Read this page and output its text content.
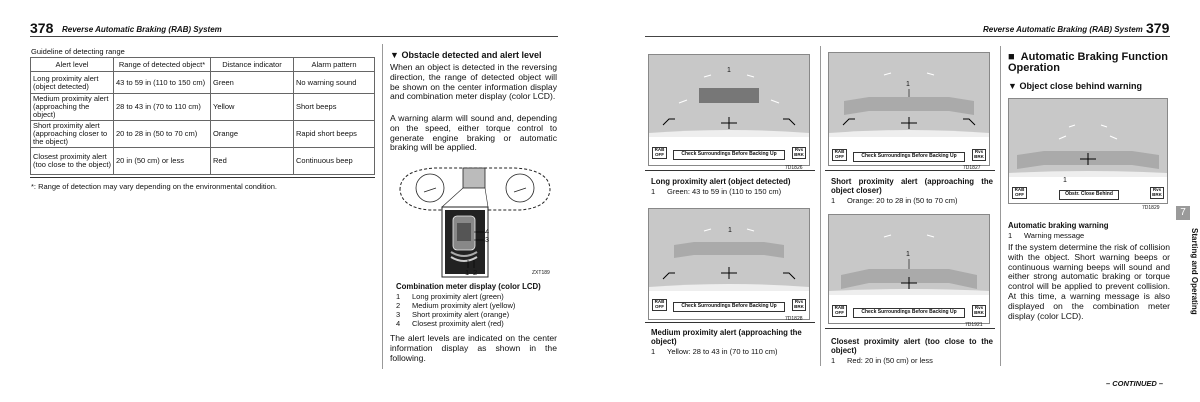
378 Reverse Automatic Braking (RAB) System
Guideline of detecting range
Alert level	Range of detected object*	Distance indicator	Alarm pattern
Long proximity alert (object detected)	43 to 59 in (110 to 150 cm)	Green	No warning sound
Medium proximity alert (approaching the object)	28 to 43 in (70 to 110 cm)	Yellow	Short beeps
Short proximity alert (approaching closer to the object)	20 to 28 in (50 to 70 cm)	Orange	Rapid short beeps
Closest proximity alert (too close to the object)	20 in (50 cm) or less	Red	Continuous beep
*: Range of detection may vary depending on the environmental condition.
▼ Obstacle detected and alert level
When an object is detected in the reversing direction, the range of detected object will be shown on the center information display and combination meter display (color LCD).
A warning alarm will sound and, depending on the speed, either torque control to generate engine braking or automatic braking will be applied.
4
3
1 2	ZXT189
Combination meter display (color LCD)
1 Long proximity alert (green)
2 Medium proximity alert (yellow)
3 Short proximity alert (orange)
4 Closest proximity alert (red)
The alert levels are indicated on the center information display as shown in the following.
Reverse Automatic Braking (RAB) System 379
1
RAB OFF	Check Surroundings Before Backing Up
Rvs BRK
7D1826
Long proximity alert (object detected)
1 Green: 43 to 59 in (110 to 150 cm)
1
RAB OFF	Check Surroundings Before Backing Up
Rvs BRK
7D1827
Short proximity alert (approaching the object closer)
1 Orange: 20 to 28 in (50 to 70 cm)
1
RAB OFF	Check Surroundings Before Backing Up
Rvs BRK
7D1828
Medium proximity alert (approaching the object)
1 Yellow: 28 to 43 in (70 to 110 cm)
1
RAB OFF	Check Surroundings Before Backing Up
Rvs BRK
7D1921
Closest proximity alert (too close to the object)
1 Red: 20 in (50 cm) or less
■ Automatic Braking Function Operation
▼ Object close behind warning
1
RAB OFF	Obstr. Close Behind
Rvs BRK
7D1829
Automatic braking warning
1 Warning message
If the system determine the risk of collision with the object. Short warning beeps or continuous warning beeps will sound and either strong automatic braking or torque control will be applied to prevent collision. At this time, a warning message is also displayed on the combination meter display (color LCD).
7
Starting and Operating
– CONTINUED –
